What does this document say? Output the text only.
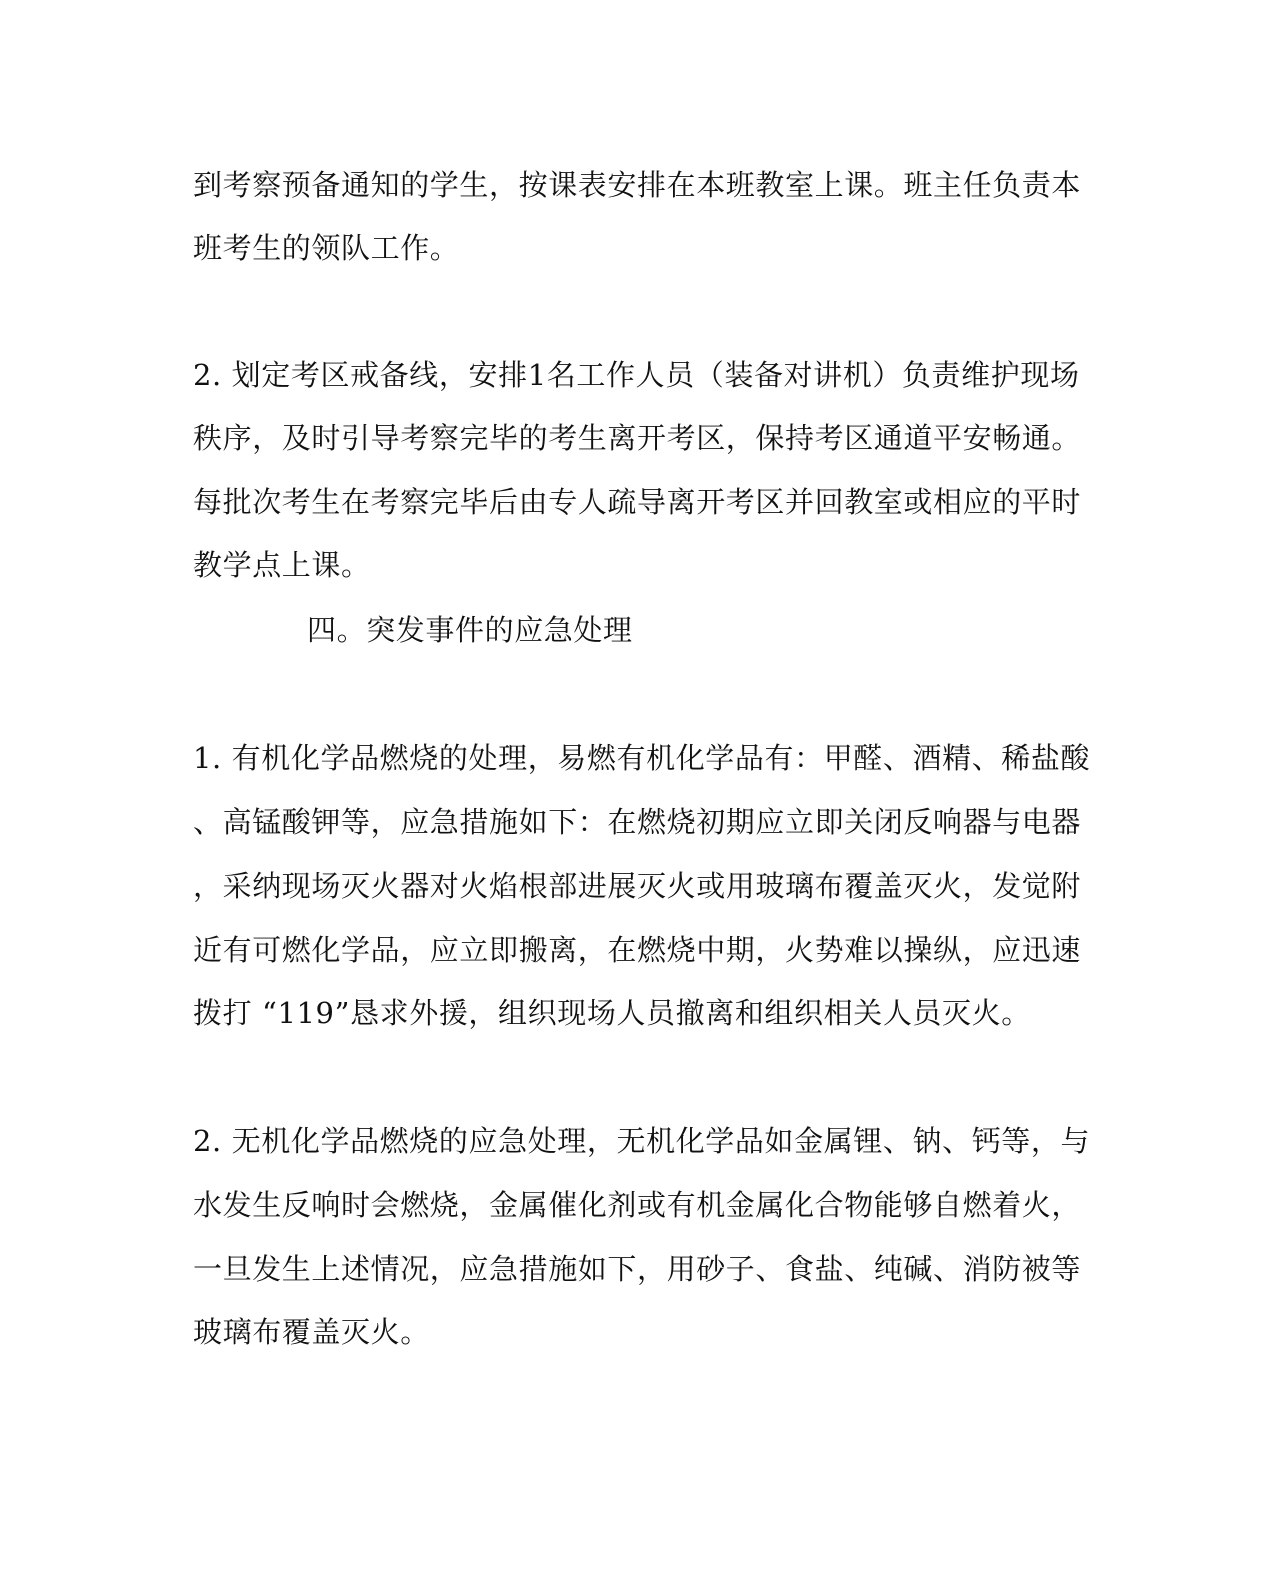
到考察预备通知的学生，按课表安排在本班教室上课。班主任负责本
班考生的领队工作。
2. 划定考区戒备线，安排1名工作人员（装备对讲机）负责维护现场
秩序，及时引导考察完毕的考生离开考区，保持考区通道平安畅通。
每批次考生在考察完毕后由专人疏导离开考区并回教室或相应的平时
教学点上课。
四。突发事件的应急处理
1. 有机化学品燃烧的处理，易燃有机化学品有：甲醛、酒精、稀盐酸
、高锰酸钾等，应急措施如下：在燃烧初期应立即关闭反响器与电器
，采纳现场灭火器对火焰根部进展灭火或用玻璃布覆盖灭火，发觉附
近有可燃化学品，应立即搬离，在燃烧中期，火势难以操纵，应迅速
拨打 “119”恳求外援，组织现场人员撤离和组织相关人员灭火。
2. 无机化学品燃烧的应急处理，无机化学品如金属锂、钠、钙等，与
水发生反响时会燃烧，金属催化剂或有机金属化合物能够自燃着火，
一旦发生上述情况，应急措施如下，用砂子、食盐、纯碱、消防被等
玻璃布覆盖灭火。
